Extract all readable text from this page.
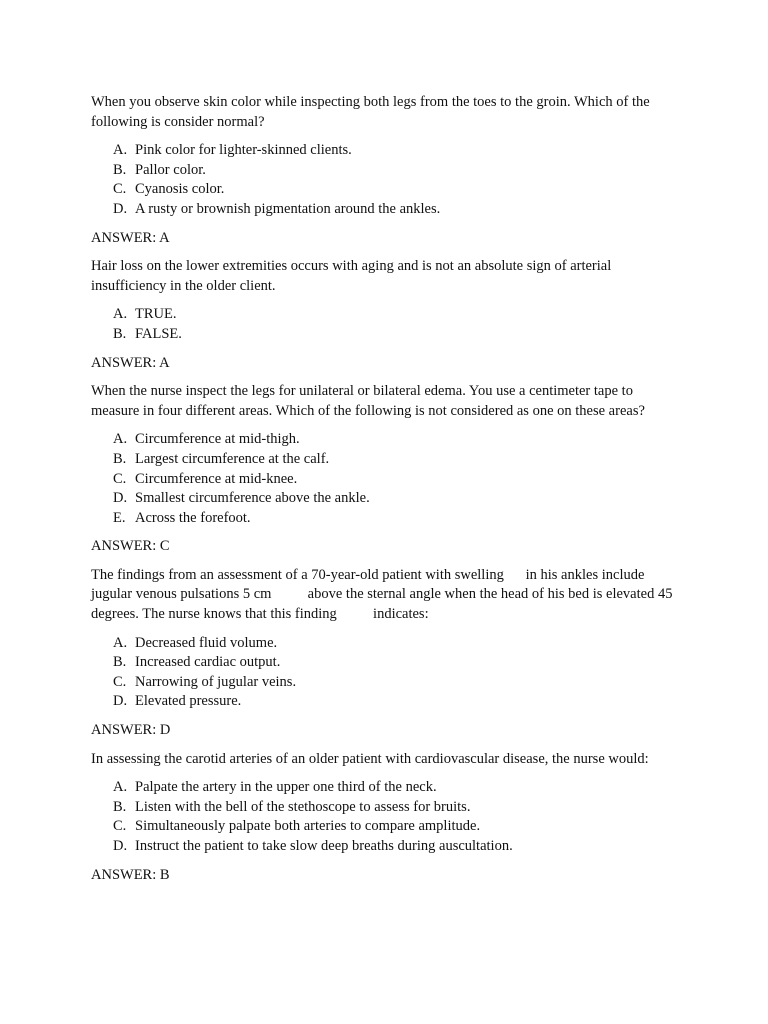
When you observe skin color while inspecting both legs from the toes to the groin. Which of the following is consider normal?

A. Pink color for lighter-skinned clients.
B. Pallor color.
C. Cyanosis color.
D. A rusty or brownish pigmentation around the ankles.

ANSWER: A

Hair loss on the lower extremities occurs with aging and is not an absolute sign of arterial insufficiency in the older client.

A. TRUE.
B. FALSE.

ANSWER: A

When the nurse inspect the legs for unilateral or bilateral edema. You use a centimeter tape to measure in four different areas. Which of the following is not considered as one on these areas?

A. Circumference at mid-thigh.
B. Largest circumference at the calf.
C. Circumference at mid-knee.
D. Smallest circumference above the ankle.
E. Across the forefoot.

ANSWER: C

The findings from an assessment of a 70-year-old patient with swelling      in his ankles include jugular venous pulsations 5 cm          above the sternal angle when the head of his bed is elevated 45 degrees. The nurse knows that this finding          indicates:

A. Decreased fluid volume.
B. Increased cardiac output.
C. Narrowing of jugular veins.
D. Elevated pressure.

ANSWER: D

In assessing the carotid arteries of an older patient with cardiovascular disease, the nurse would:

A. Palpate the artery in the upper one third of the neck.
B. Listen with the bell of the stethoscope to assess for bruits.
C. Simultaneously palpate both arteries to compare amplitude.
D. Instruct the patient to take slow deep breaths during auscultation.

ANSWER: B
